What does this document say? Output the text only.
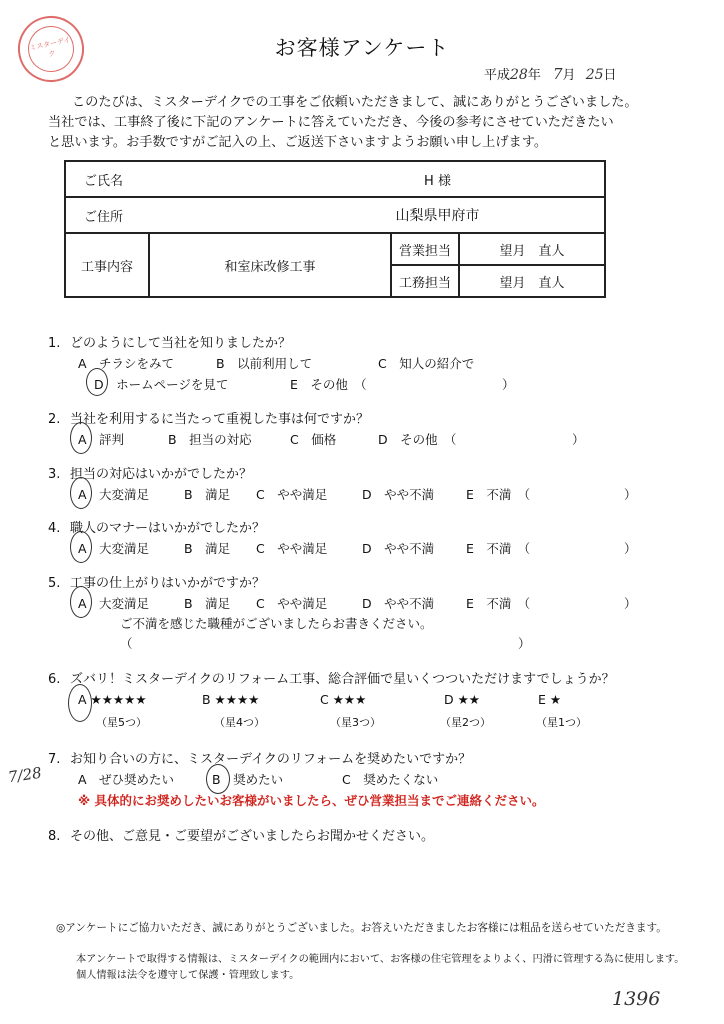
ミスターデイク	お客様アンケート
平成28年 7月 25日
このたびは、ミスターデイクでの工事をご依頼いただきまして、誠にありがとうございました。
当社では、工事終了後に下記のアンケートに答えていただき、今後の参考にさせていただきたい
と思います。お手数ですがご記入の上、ご返送下さいますようお願い申し上げます。
ご氏名		H 様	
ご住所		山梨県甲府市	
工事内容	和室床改修工事	営業担当	望月　直人
		工務担当	望月　直人
1. どのようにして当社を知りましたか？
A　チラシをみて	B　以前利用して	C　知人の紹介で
D　ホームページを見て	E　その他　（	）
2. 当社を利用するに当たって重視した事は何ですか？
A　評判	B　担当の対応	C　価格	D　その他　（	）
3. 担当の対応はいかがでしたか？
A　大変満足	B　満足 C　やや満足	D　やや不満	E　不満　（	）
4. 職人のマナーはいかがでしたか？
A　大変満足	B　満足 C　やや満足	D　やや不満	E　不満　（	）
5. 工事の仕上がりはいかがですか？
A　大変満足	B　満足 C　やや満足	D　やや不満	E　不満　（	）
ご不満を感じた職種がございましたらお書きください。
（	）
6. ズバリ！ミスターデイクのリフォーム工事、総合評価で星いくつついただけますでしょうか？
A ★★★★★	B ★★★★	C ★★★	D ★★	E ★
（星5つ）	（星4つ）	（星3つ）	（星2つ）	（星1つ）
7/28
7. お知り合いの方に、ミスターデイクのリフォームを奨めたいですか？
A　ぜひ奨めたい	B　奨めたい	C　奨めたくない
※ 具体的にお奨めしたいお客様がいましたら、ぜひ営業担当までご連絡ください。
8. その他、ご意見・ご要望がございましたらお聞かせください。
◎アンケートにご協力いただき、誠にありがとうございました。お答えいただきましたお客様には粗品を送らせていただきます。
本アンケートで取得する情報は、ミスターデイクの範囲内において、お客様の住宅管理をよりよく、円滑に管理する為に使用します。
個人情報は法令を遵守して保護・管理致します。
1396
